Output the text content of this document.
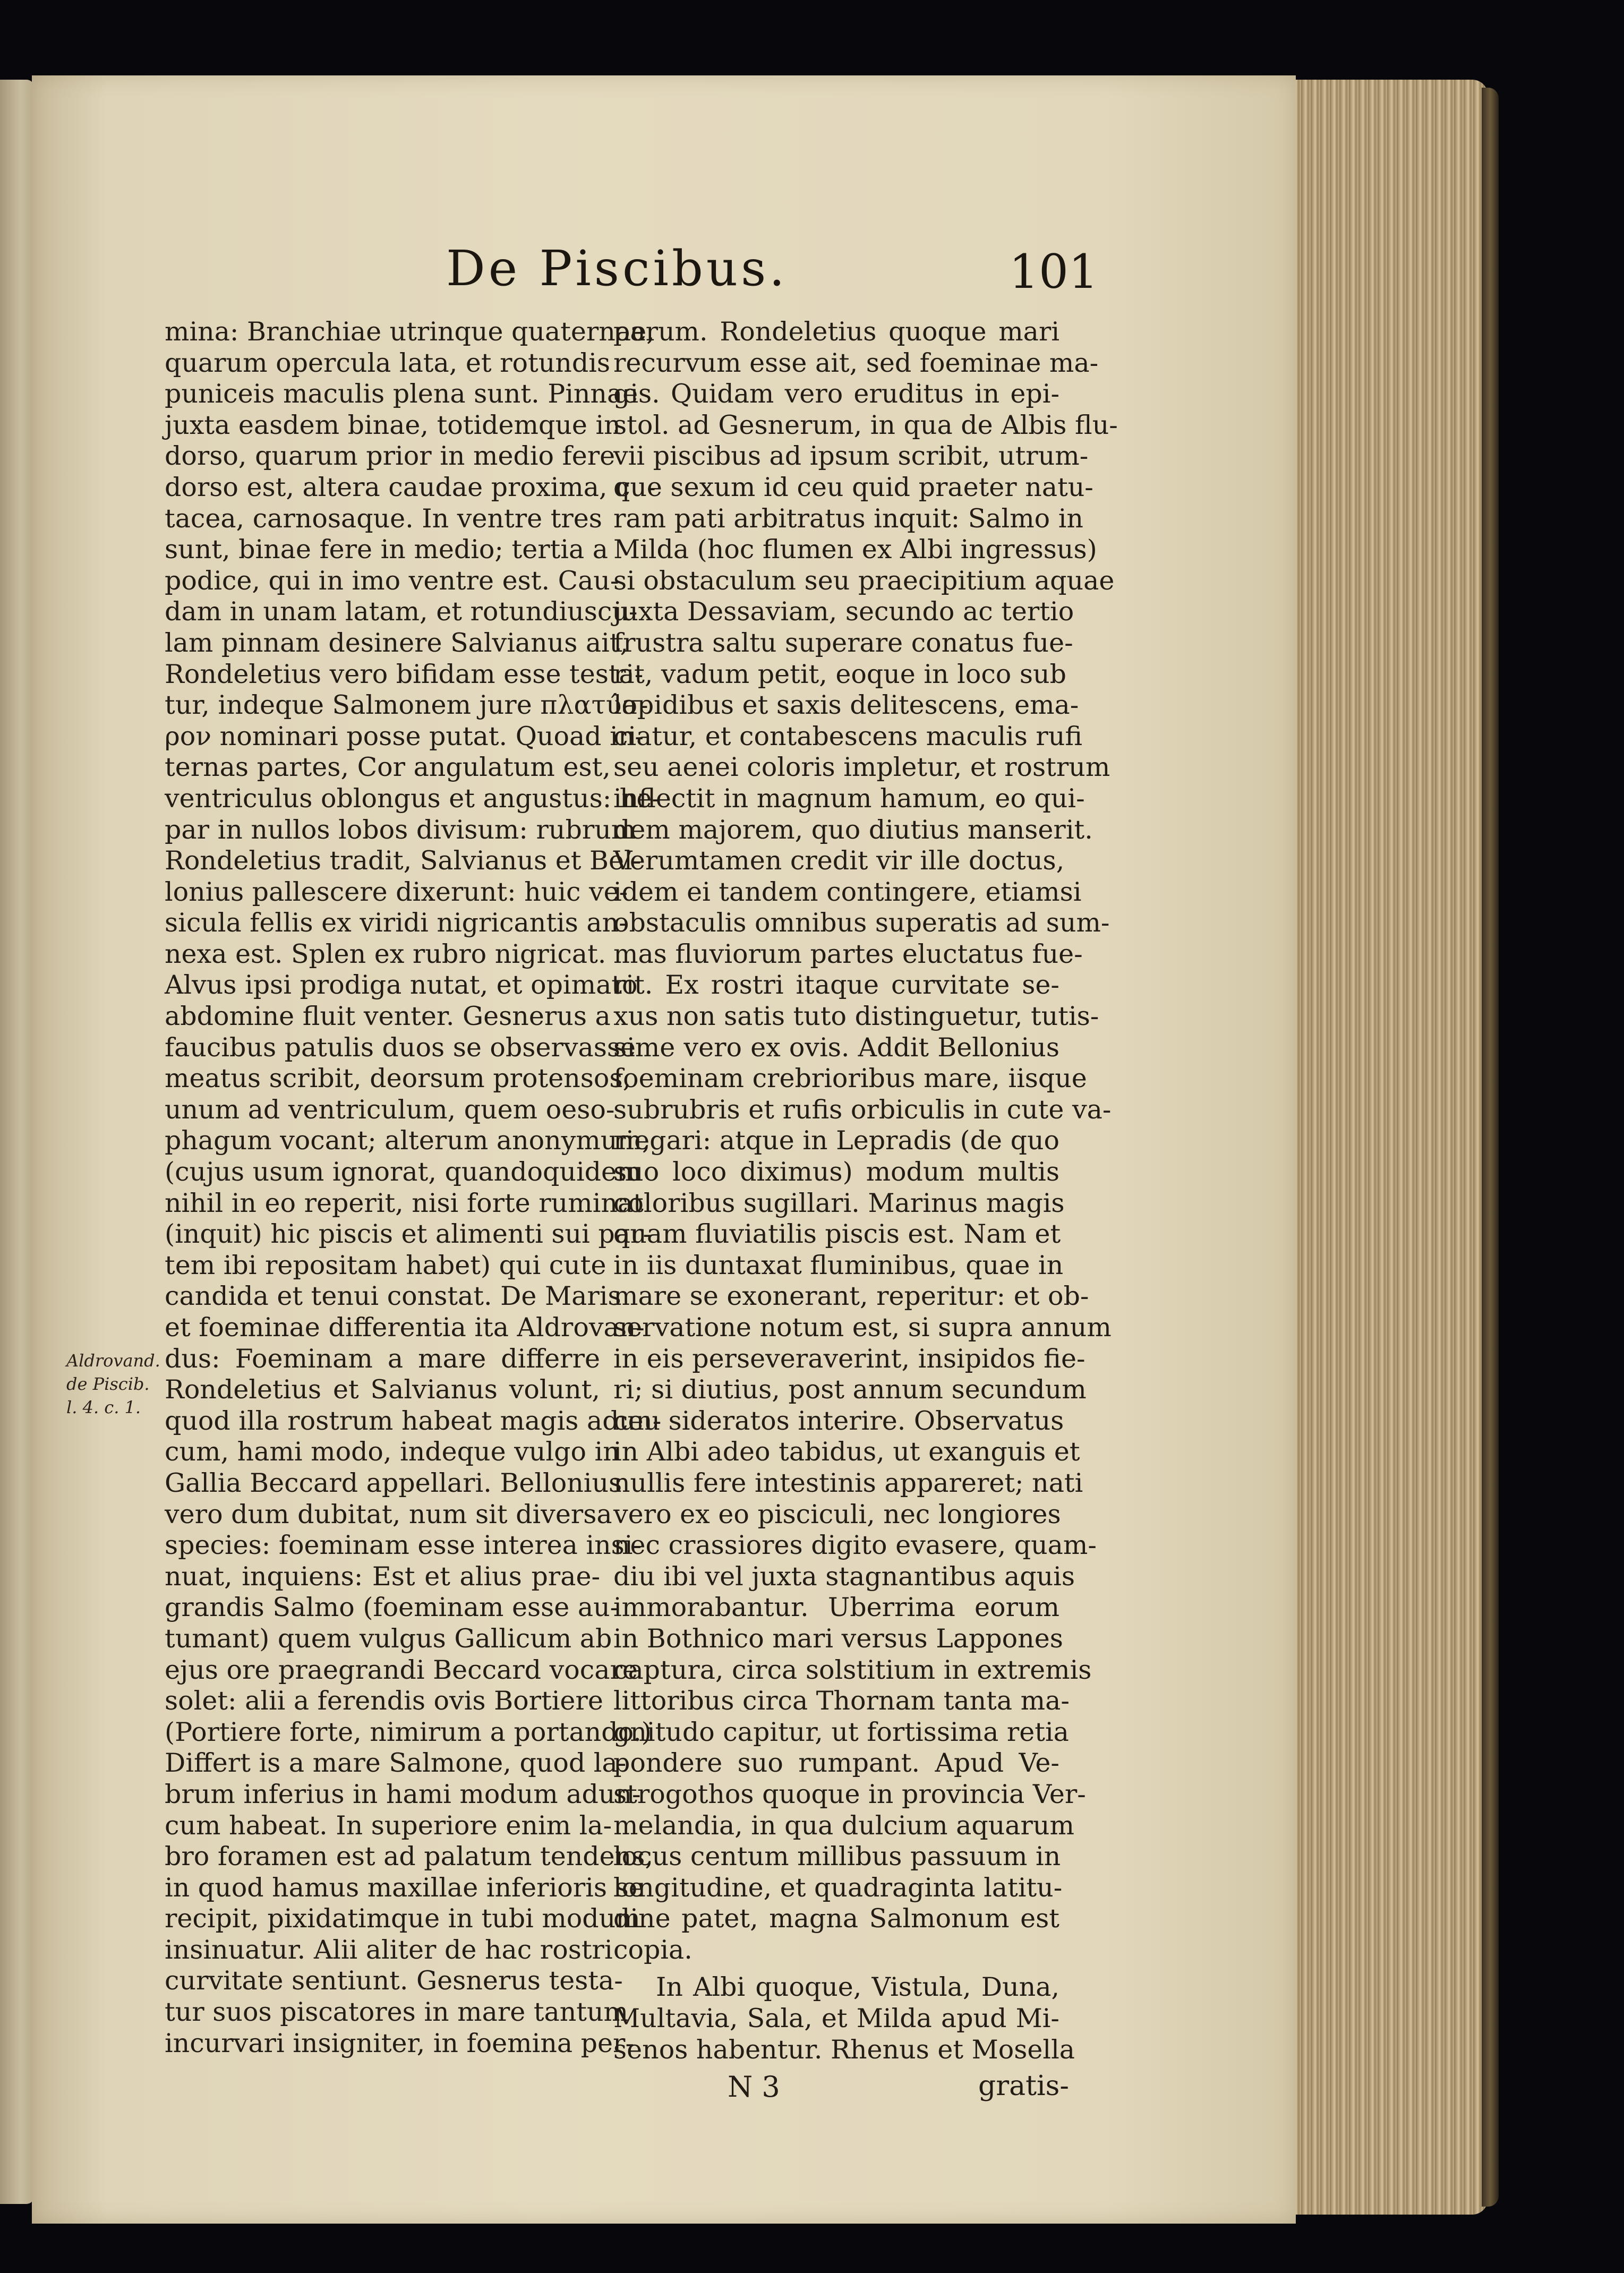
De Piscibus.	101
mina: Branchiae utrinque quaternae,
quarum opercula lata, et rotundis
puniceis maculis plena sunt. Pinnae
juxta easdem binae, totidemque in
dorso, quarum prior in medio fere
dorso est, altera caudae proxima, cu-
tacea, carnosaque. In ventre tres
sunt, binae fere in medio; tertia a
podice, qui in imo ventre est. Cau-
dam in unam latam, et rotundiuscu-
lam pinnam desinere Salvianus ait,
Rondeletius vero bifidam esse testa-
tur, indeque Salmonem jure πλατύσ-
ρον nominari posse putat. Quoad in-
ternas partes, Cor angulatum est,
ventriculus oblongus et angustus: he-
par in nullos lobos divisum: rubrum
Rondeletius tradit, Salvianus et Bel-
lonius pallescere dixerunt: huic ve-
sicula fellis ex viridi nigricantis an-
nexa est. Splen ex rubro nigricat.
Alvus ipsi prodiga nutat, et opimato
abdomine fluit venter. Gesnerus a
faucibus patulis duos se observasse
meatus scribit, deorsum protensos,
unum ad ventriculum, quem oeso-
phagum vocant; alterum anonymum,
(cujus usum ignorat, quandoquidem
nihil in eo reperit, nisi forte ruminat
(inquit) hic piscis et alimenti sui par-
tem ibi repositam habet) qui cute
candida et tenui constat. De Maris
et foeminae differentia ita Aldrovan-
dus: Foeminam a mare differre
Rondeletius et Salvianus volunt,
quod illa rostrum habeat magis adun-
cum, hami modo, indeque vulgo in
Gallia Beccard appellari. Bellonius
vero dum dubitat, num sit diversa
species: foeminam esse interea insi-
nuat, inquiens: Est et alius prae-
grandis Salmo (foeminam esse au-
tumant) quem vulgus Gallicum ab
ejus ore praegrandi Beccard vocare
solet: alii a ferendis ovis Bortiere
(Portiere forte, nimirum a portando.)
Differt is a mare Salmone, quod la-
brum inferius in hami modum adun-
cum habeat. In superiore enim la-
bro foramen est ad palatum tendens,
in quod hamus maxillae inferioris se
recipit, pixidatimque in tubi modum
insinuatur. Alii aliter de hac rostri
curvitate sentiunt. Gesnerus testa-
tur suos piscatores in mare tantum
incurvari insigniter, in foemina per-
parum. Rondeletius quoque mari
recurvum esse ait, sed foeminae ma-
gis. Quidam vero eruditus in epi-
stol. ad Gesnerum, in qua de Albis flu-
vii piscibus ad ipsum scribit, utrum-
que sexum id ceu quid praeter natu-
ram pati arbitratus inquit: Salmo in
Milda (hoc flumen ex Albi ingressus)
si obstaculum seu praecipitium aquae
juxta Dessaviam, secundo ac tertio
frustra saltu superare conatus fue-
rit, vadum petit, eoque in loco sub
lapidibus et saxis delitescens, ema-
ciatur, et contabescens maculis rufi
seu aenei coloris impletur, et rostrum
inflectit in magnum hamum, eo qui-
dem majorem, quo diutius manserit.
Verumtamen credit vir ille doctus,
idem ei tandem contingere, etiamsi
obstaculis omnibus superatis ad sum-
mas fluviorum partes eluctatus fue-
rit. Ex rostri itaque curvitate se-
xus non satis tuto distinguetur, tutis-
sime vero ex ovis. Addit Bellonius
foeminam crebrioribus mare, iisque
subrubris et rufis orbiculis in cute va-
riegari: atque in Lepradis (de quo
suo loco diximus) modum multis
coloribus sugillari. Marinus magis
quam fluviatilis piscis est. Nam et
in iis duntaxat fluminibus, quae in
mare se exonerant, reperitur: et ob-
servatione notum est, si supra annum
in eis perseveraverint, insipidos fie-
ri; si diutius, post annum secundum
ceu sideratos interire. Observatus
in Albi adeo tabidus, ut exanguis et
nullis fere intestinis appareret; nati
vero ex eo pisciculi, nec longiores
nec crassiores digito evasere, quam-
diu ibi vel juxta stagnantibus aquis
immorabantur. Uberrima eorum
in Bothnico mari versus Lappones
captura, circa solstitium in extremis
littoribus circa Thornam tanta ma-
gnitudo capitur, ut fortissima retia
pondere suo rumpant. Apud Ve-
strogothos quoque in provincia Ver-
melandia, in qua dulcium aquarum
locus centum millibus passuum in
longitudine, et quadraginta latitu-
dine patet, magna Salmonum est
copia.
In Albi quoque, Vistula, Duna,
Multavia, Sala, et Milda apud Mi-
senos habentur. Rhenus et Mosella
Aldrovand.
de Piscib.
l. 4. c. 1.
N 3	gratis-
